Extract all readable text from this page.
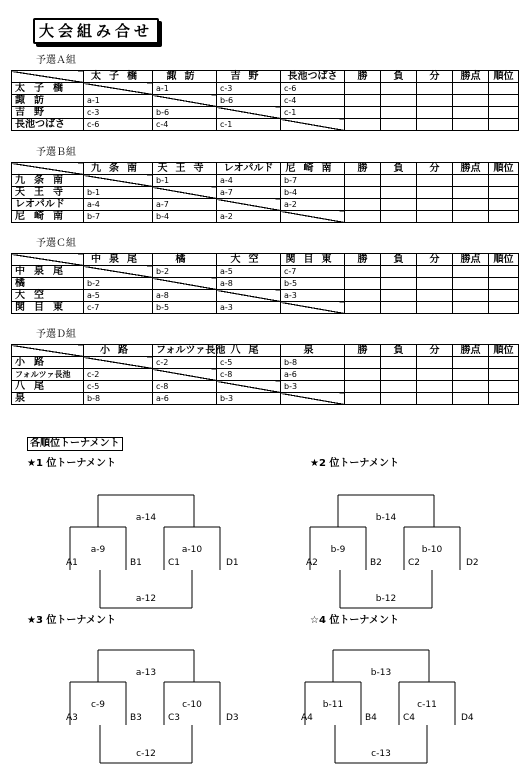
大会組み合せ
予選Ａ組

	太子橋	諏訪	吉野	長池つばさ	勝	負	分	勝点	順位

太子橋		a-1	c-3	c-6					

諏訪	a-1		b-6	c-4					

吉野	c-3	b-6		c-1					

長池つばさ	c-6	c-4	c-1						
予選Ｂ組

	九条南	天王寺	レオパルド	尼崎南	勝	負	分	勝点	順位

九条南		b-1	a-4	b-7					

天王寺	b-1		a-7	b-4					

レオパルド	a-4	a-7		a-2					

尼崎南	b-7	b-4	a-2						
予選Ｃ組

	中泉尾	橘	大空	関目東	勝	負	分	勝点	順位

中泉尾		b-2	a-5	c-7					

橘	b-2		a-8	b-5					

大空	a-5	a-8		a-3					

関目東	c-7	b-5	a-3						
予選Ｄ組

	小路	フォルツァ長池	八尾	泉	勝	負	分	勝点	順位

小路		c-2	c-5	b-8					

フォルツァ長池	c-2		c-8	a-6					

八尾	c-5	c-8		b-3					

泉	b-8	a-6	b-3						
各順位トーナメント
★1 位トーナメント	★2 位トーナメント
★3 位トーナメント	☆4 位トーナメント
a-14
a-9	a-10
a-12
A1	B1	C1	D1
b-14
b-9	b-10
b-12
A2	B2	C2	D2
a-13
c-9	c-10
c-12
A3	B3	C3	D3
b-13
b-11	c-11
c-13
A4	B4	C4	D4
